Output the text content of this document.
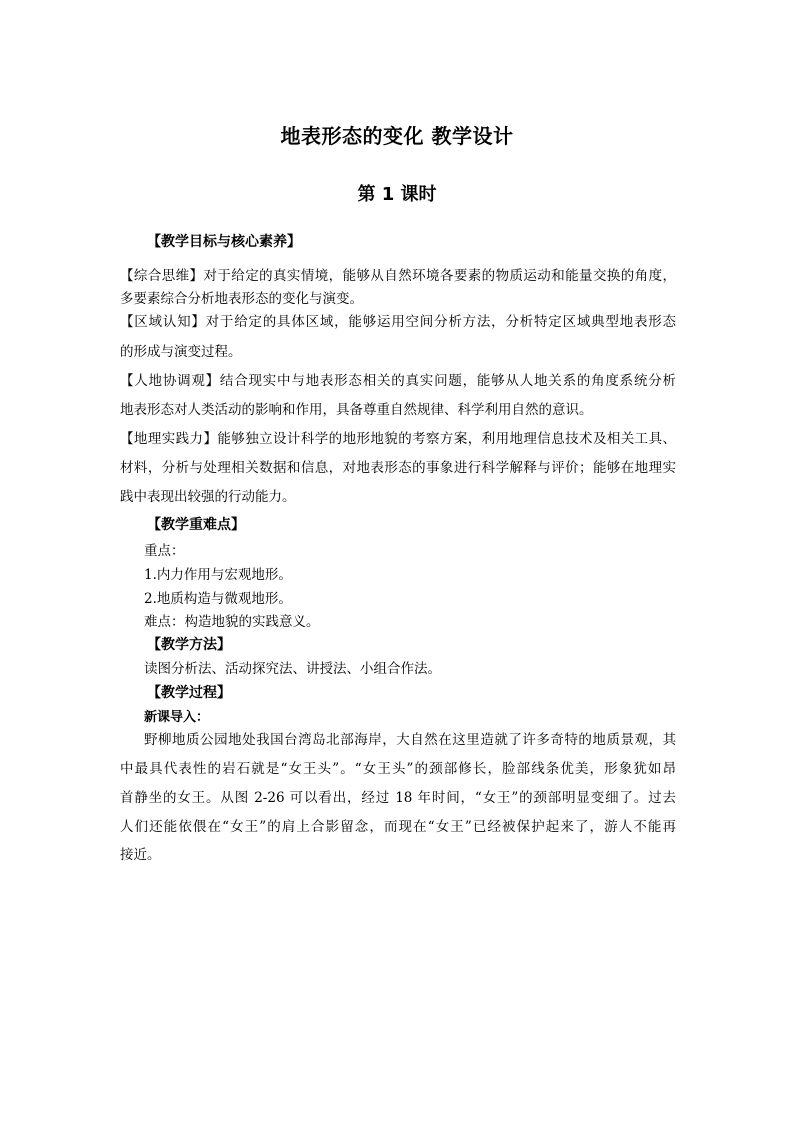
地表形态的变化 教学设计
第 1 课时
【教学目标与核心素养】
【综合思维】对于给定的真实情境，能够从自然环境各要素的物质运动和能量交换的角度，
多要素综合分析地表形态的变化与演变。
【区域认知】对于给定的具体区域，能够运用空间分析方法，分析特定区域典型地表形态
的形成与演变过程。
【人地协调观】结合现实中与地表形态相关的真实问题，能够从人地关系的角度系统分析
地表形态对人类活动的影响和作用，具备尊重自然规律、科学利用自然的意识。
【地理实践力】能够独立设计科学的地形地貌的考察方案，利用地理信息技术及相关工具、
材料，分析与处理相关数据和信息，对地表形态的事象进行科学解释与评价；能够在地理实
践中表现出较强的行动能力。
【教学重难点】
重点：
1.内力作用与宏观地形。
2.地质构造与微观地形。
难点：构造地貌的实践意义。
【教学方法】
读图分析法、活动探究法、讲授法、小组合作法。
【教学过程】
新课导入：
野柳地质公园地处我国台湾岛北部海岸，大自然在这里造就了许多奇特的地质景观，其
中最具代表性的岩石就是“女王头”。“女王头”的颈部修长，脸部线条优美，形象犹如昂
首静坐的女王。从图 2-26 可以看出，经过 18 年时间，“女王”的颈部明显变细了。过去
人们还能依偎在“女王”的肩上合影留念，而现在“女王”已经被保护起来了，游人不能再
接近。
